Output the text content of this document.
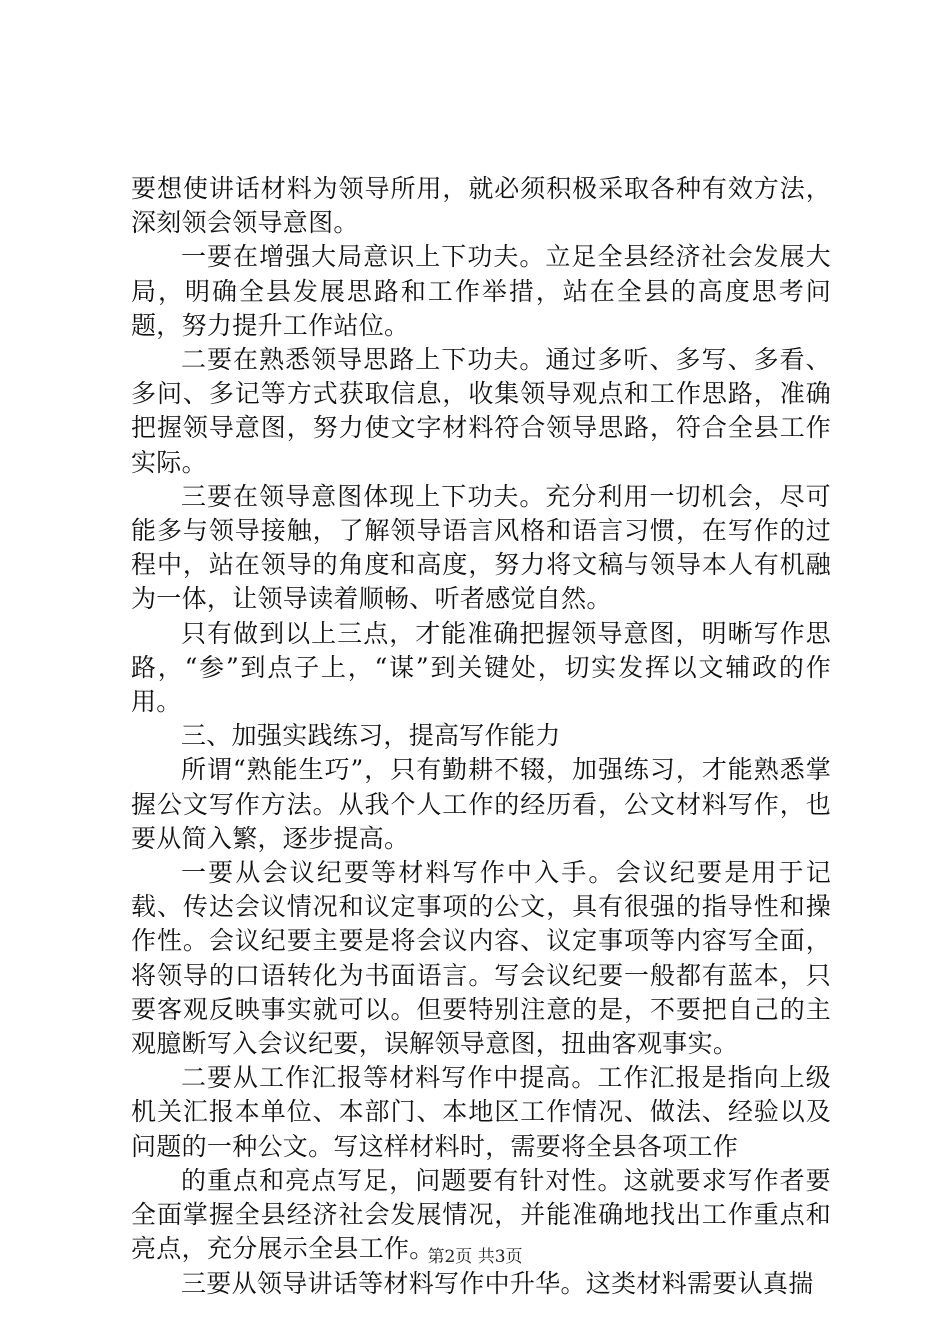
要想使讲话材料为领导所用，就必须积极采取各种有效方法，深刻领会领导意图。

一要在增强大局意识上下功夫。立足全县经济社会发展大局，明确全县发展思路和工作举措，站在全县的高度思考问题，努力提升工作站位。

二要在熟悉领导思路上下功夫。通过多听、多写、多看、多问、多记等方式获取信息，收集领导观点和工作思路，准确把握领导意图，努力使文字材料符合领导思路，符合全县工作实际。

三要在领导意图体现上下功夫。充分利用一切机会，尽可能多与领导接触，了解领导语言风格和语言习惯，在写作的过程中，站在领导的角度和高度，努力将文稿与领导本人有机融为一体，让领导读着顺畅、听者感觉自然。

只有做到以上三点，才能准确把握领导意图，明晰写作思路，“参”到点子上，“谋”到关键处，切实发挥以文辅政的作用。

三、加强实践练习，提高写作能力

所谓“熟能生巧”，只有勤耕不辍，加强练习，才能熟悉掌握公文写作方法。从我个人工作的经历看，公文材料写作，也要从简入繁，逐步提高。

一要从会议纪要等材料写作中入手。会议纪要是用于记载、传达会议情况和议定事项的公文，具有很强的指导性和操作性。会议纪要主要是将会议内容、议定事项等内容写全面，将领导的口语转化为书面语言。写会议纪要一般都有蓝本，只要客观反映事实就可以。但要特别注意的是，不要把自己的主观臆断写入会议纪要，误解领导意图，扭曲客观事实。

二要从工作汇报等材料写作中提高。工作汇报是指向上级机关汇报本单位、本部门、本地区工作情况、做法、经验以及问题的一种公文。写这样材料时，需要将全县各项工作

的重点和亮点写足，问题要有针对性。这就要求写作者要全面掌握全县经济社会发展情况，并能准确地找出工作重点和亮点，充分展示全县工作。

三要从领导讲话等材料写作中升华。这类材料需要认真揣

第2页 共3页
